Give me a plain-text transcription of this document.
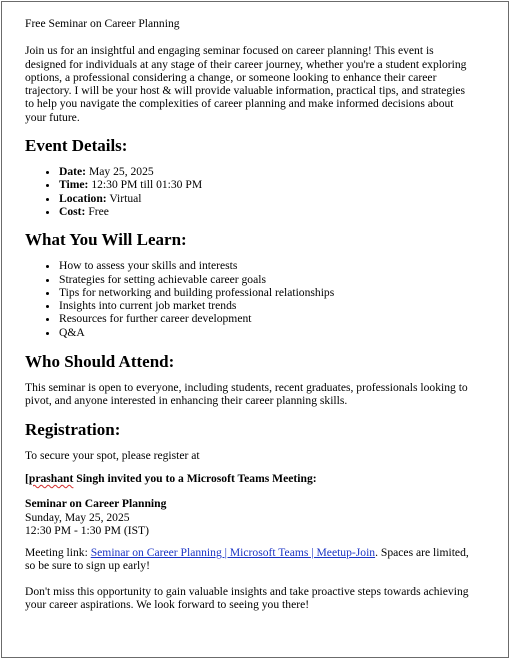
Free Seminar on Career Planning

Join us for an insightful and engaging seminar focused on career planning! This event is designed for individuals at any stage of their career journey, whether you're a student exploring options, a professional considering a change, or someone looking to enhance their career trajectory. I will be your host & will provide valuable information, practical tips, and strategies to help you navigate the complexities of career planning and make informed decisions about your future.

Event Details:
• Date: May 25, 2025
• Time: 12:30 PM till 01:30 PM
• Location: Virtual
• Cost: Free
What You Will Learn:
• How to assess your skills and interests
• Strategies for setting achievable career goals
• Tips for networking and building professional relationships
• Insights into current job market trends
• Resources for further career development
• Q&A
Who Should Attend:

This seminar is open to everyone, including students, recent graduates, professionals looking to pivot, and anyone interested in enhancing their career planning skills.

Registration:

To secure your spot, please register at

[prashant Singh invited you to a Microsoft Teams Meeting:

Seminar on Career Planning

Sunday, May 25, 2025

12:30 PM - 1:30 PM (IST)

Meeting link: Seminar on Career Planning | Microsoft Teams | Meetup-Join. Spaces are limited, so be sure to sign up early!

Don't miss this opportunity to gain valuable insights and take proactive steps towards achieving your career aspirations. We look forward to seeing you there!
